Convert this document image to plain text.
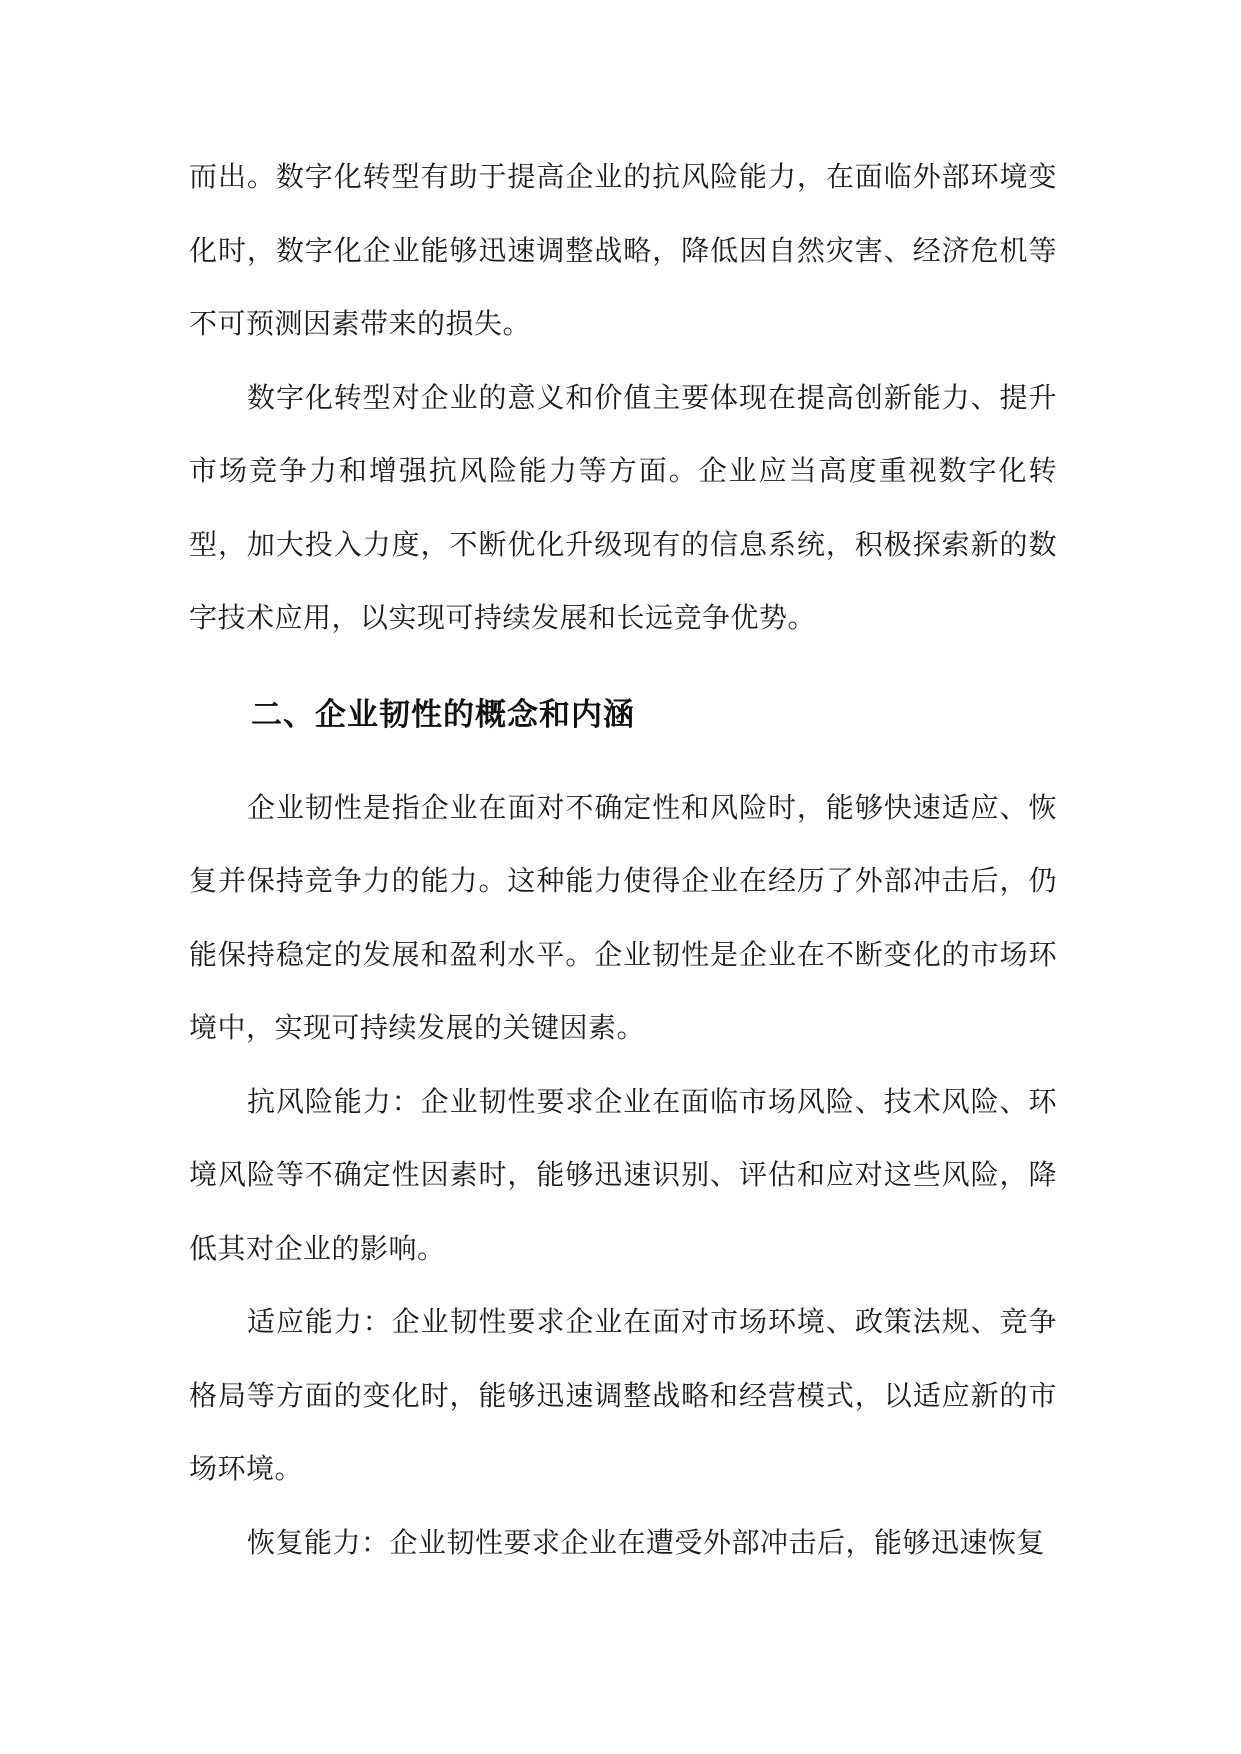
而出。数字化转型有助于提高企业的抗风险能力，在面临外部环境变化时，数字化企业能够迅速调整战略，降低因自然灾害、经济危机等不可预测因素带来的损失。

数字化转型对企业的意义和价值主要体现在提高创新能力、提升市场竞争力和增强抗风险能力等方面。企业应当高度重视数字化转型，加大投入力度，不断优化升级现有的信息系统，积极探索新的数字技术应用，以实现可持续发展和长远竞争优势。

二、企业韧性的概念和内涵

企业韧性是指企业在面对不确定性和风险时，能够快速适应、恢复并保持竞争力的能力。这种能力使得企业在经历了外部冲击后，仍能保持稳定的发展和盈利水平。企业韧性是企业在不断变化的市场环境中，实现可持续发展的关键因素。

抗风险能力：企业韧性要求企业在面临市场风险、技术风险、环境风险等不确定性因素时，能够迅速识别、评估和应对这些风险，降低其对企业的影响。

适应能力：企业韧性要求企业在面对市场环境、政策法规、竞争格局等方面的变化时，能够迅速调整战略和经营模式，以适应新的市场环境。

恢复能力：企业韧性要求企业在遭受外部冲击后，能够迅速恢复
